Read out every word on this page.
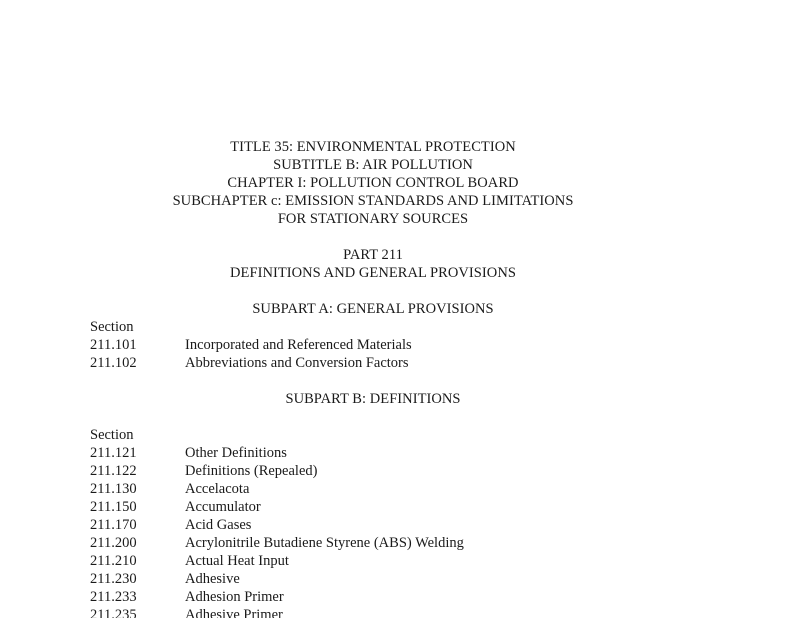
TITLE 35: ENVIRONMENTAL PROTECTION
SUBTITLE B: AIR POLLUTION
CHAPTER I: POLLUTION CONTROL BOARD
SUBCHAPTER c: EMISSION STANDARDS AND LIMITATIONS
FOR STATIONARY SOURCES
PART 211
DEFINITIONS AND GENERAL PROVISIONS
SUBPART A: GENERAL PROVISIONS
Section
211.101	Incorporated and Referenced Materials
211.102	Abbreviations and Conversion Factors
SUBPART B: DEFINITIONS
Section
211.121	Other Definitions
211.122	Definitions (Repealed)
211.130	Accelacota
211.150	Accumulator
211.170	Acid Gases
211.200	Acrylonitrile Butadiene Styrene (ABS) Welding
211.210	Actual Heat Input
211.230	Adhesive
211.233	Adhesion Primer
211.235	Adhesive Primer
